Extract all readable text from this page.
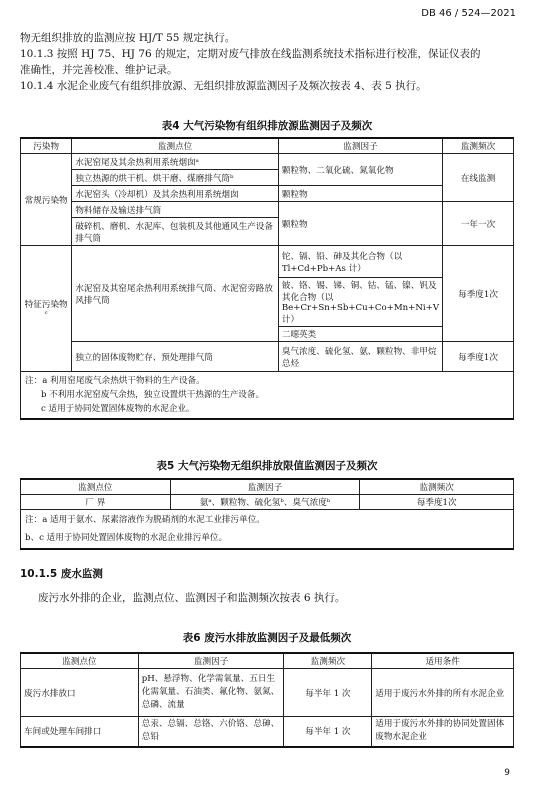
DB 46 / 524—2021
物无组织排放的监测应按 HJ/T 55 规定执行。
10.1.3 按照 HJ 75、HJ 76 的规定，定期对废气排放在线监测系统技术指标进行校准，保证仪表的
准确性，并完善校准、维护记录。
10.1.4 水泥企业废气有组织排放源、无组织排放源监测因子及频次按表 4、表 5 执行。
表4 大气污染物有组织排放源监测因子及频次
污染物	监测点位	监测因子	监测频次
常规污染物	水泥窑尾及其余热利用系统烟囱ᵃ	颗粒物、二氧化硫、氮氧化物	在线监测
	独立热源的烘干机、烘干磨、煤磨排气筒ᵇ		
	水泥窑头（冷却机）及其余热利用系统烟囱	颗粒物	
	物料储存及输送排气筒	颗粒物	一年一次
	破碎机、磨机、水泥库、包装机及其他通风生产设备排气筒		
特征污染物ᶜ	水泥窑及其窑尾余热利用系统排气筒、水泥窑旁路放风排气筒	铊、镉、铅、砷及其化合物（以 Tl+Cd+Pb+As 计）	每季度1次
		铍、铬、锡、锑、铜、钴、锰、镍、钒及其化合物（以 Be+Cr+Sn+Sb+Cu+Co+Mn+Ni+V 计）	
		二噁英类	
	独立的固体废物贮存、预处理排气筒	臭气浓度、硫化氢、氨、颗粒物、非甲烷总烃	每季度1次

注：a 利用窑尾废气余热烘干物料的生产设备。
b 不利用水泥窑废气余热，独立设置烘干热源的生产设备。
c 适用于协同处置固体废物的水泥企业。			
表5 大气污染物无组织排放限值监测因子及频次
监测点位	监测因子	监测频次
厂 界	氨ᵃ、颗粒物、硫化氢ᵇ、臭气浓度ᵇ	每季度1次

注：a 适用于氨水、尿素溶液作为脱硝剂的水泥工业排污单位。
b、c 适用于协同处置固体废物的水泥企业排污单位。		
10.1.5 废水监测
废污水外排的企业，监测点位、监测因子和监测频次按表 6 执行。
表6 废污水排放监测因子及最低频次
监测点位	监测因子	监测频次	适用条件
废污水排放口	pH、悬浮物、化学需氧量、五日生化需氧量、石油类、氟化物、氨氮、总磷、流量	每半年 1 次	适用于废污水外排的所有水泥企业
车间或处理车间排口	总汞、总镉、总铬、六价铬、总砷、总铅	每半年 1 次	适用于废污水外排的协同处置固体废物水泥企业
9
